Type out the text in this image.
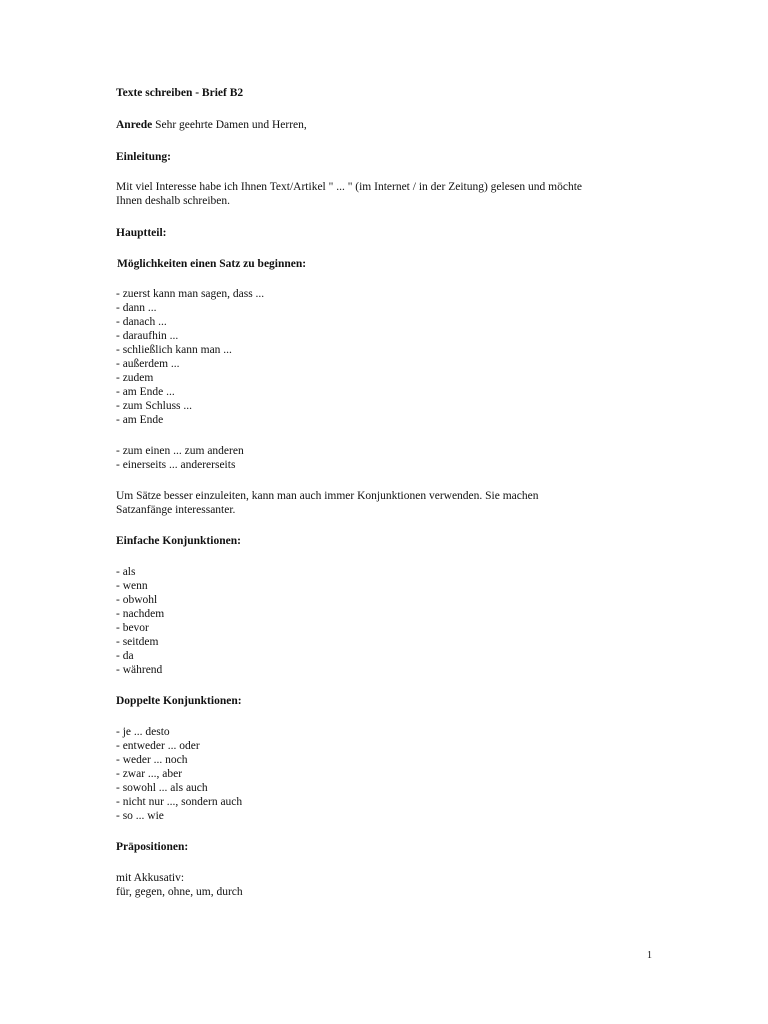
Texte schreiben - Brief B2
Anrede Sehr geehrte Damen und Herren,
Einleitung:
Mit viel Interesse habe ich Ihnen Text/Artikel " ... " (im Internet / in der Zeitung) gelesen und möchte
Ihnen deshalb schreiben.
Hauptteil:
Möglichkeiten einen Satz zu beginnen:
- zuerst kann man sagen, dass ...
- dann ...
- danach ...
- daraufhin ...
- schließlich kann man ...
- außerdem ...
- zudem
- am Ende ...
- zum Schluss ...
- am Ende
- zum einen ... zum anderen
- einerseits ... andererseits
Um Sätze besser einzuleiten, kann man auch immer Konjunktionen verwenden. Sie machen
Satzanfänge interessanter.
Einfache Konjunktionen:
- als
- wenn
- obwohl
- nachdem
- bevor
- seitdem
- da
- während
Doppelte Konjunktionen:
- je ... desto
- entweder ... oder
- weder ... noch
- zwar ..., aber
- sowohl ... als auch
- nicht nur ..., sondern auch
- so ... wie
Präpositionen:
mit Akkusativ:
für, gegen, ohne, um, durch
1
